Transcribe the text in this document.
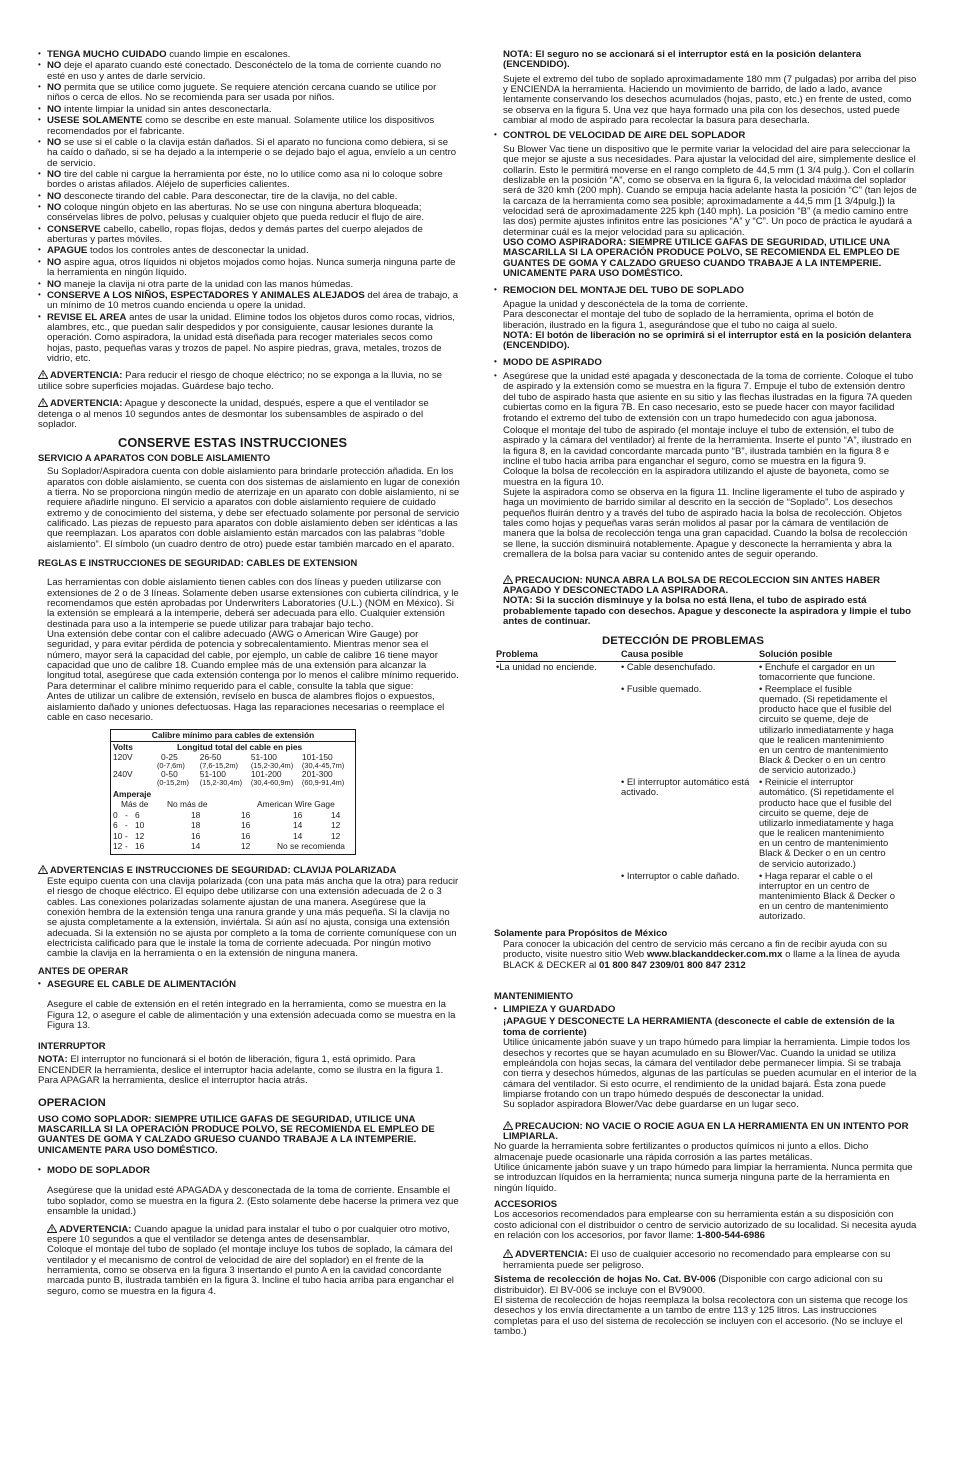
• TENGA MUCHO CUIDADO cuando limpie en escalones.
• NO deje el aparato cuando esté conectado. Desconéctelo de la toma de corriente cuando no esté en uso y antes de darle servicio.
• NO permita que se utilice como juguete. Se requiere atención cercana cuando se utilice por niños o cerca de ellos. No se recomienda para ser usada por niños.
• NO intente limpiar la unidad sin antes desconectarla.
• USESE SOLAMENTE como se describe en este manual. Solamente utilice los dispositivos recomendados por el fabricante.
• NO se use si el cable o la clavija están dañados. Si el aparato no funciona como debiera, si se ha caído o dañado, si se ha dejado a la intemperie o se dejado bajo el agua, envíelo a un centro de servicio.
• NO tire del cable ni cargue la herramienta por éste, no lo utilice como asa ni lo coloque sobre bordes o aristas afilados. Aléjelo de superficies calientes.
• NO desconecte tirando del cable. Para desconectar, tire de la clavija, no del cable.
• NO coloque ningún objeto en las aberturas. No se use con ninguna abertura bloqueada; consérvelas libres de polvo, pelusas y cualquier objeto que pueda reducir el flujo de aire.
• CONSERVE cabello, cabello, ropas flojas, dedos y demás partes del cuerpo alejados de aberturas y partes móviles.
• APAGUE todos los controles antes de desconectar la unidad.
• NO aspire agua, otros líquidos ni objetos mojados como hojas. Nunca sumerja ninguna parte de la herramienta en ningún líquido.
• NO maneje la clavija ni otra parte de la unidad con las manos húmedas.
• CONSERVE A LOS NIÑOS, ESPECTADORES Y ANIMALES ALEJADOS del área de trabajo, a un mínimo de 10 metros cuando encienda u opere la unidad.
• REVISE EL AREA antes de usar la unidad. Elimine todos los objetos duros como rocas, vidrios, alambres, etc., que puedan salir despedidos y por consiguiente, causar lesiones durante la operación. Como aspiradora, la unidad está diseñada para recoger materiales secos como hojas, pasto, pequeñas varas y trozos de papel. No aspire piedras, grava, metales, trozos de vidrio, etc.
ADVERTENCIA: Para reducir el riesgo de choque eléctrico; no se exponga a la lluvia, no se utilice sobre superficies mojadas. Guárdese bajo techo.
ADVERTENCIA: Apague y desconecte la unidad, después, espere a que el ventilador se detenga o al menos 10 segundos antes de desmontar los subensambles de aspirado o del soplador.
CONSERVE ESTAS INSTRUCCIONES
SERVICIO A APARATOS CON DOBLE AISLAMIENTO

Su Soplador/Aspiradora cuenta con doble aislamiento para brindarle protección añadida. En los aparatos con doble aislamiento, se cuenta con dos sistemas de aislamiento en lugar de conexión a tierra. No se proporciona ningún medio de aterrizaje en un aparato con doble aislamiento, ni se requiere añadirle ninguno. El servicio a aparatos con doble aislamiento requiere de cuidado extremo y de conocimiento del sistema, y debe ser efectuado solamente por personal de servicio calificado. Las piezas de repuesto para aparatos con doble aislamiento deben ser idénticas a las que reemplazan. Los aparatos con doble aislamiento están marcados con las palabras “doble aislamiento”. El símbolo (un cuadro dentro de otro) puede estar también marcado en el aparato.

REGLAS E INSTRUCCIONES DE SEGURIDAD: CABLES DE EXTENSION

Las herramientas con doble aislamiento tienen cables con dos líneas y pueden utilizarse con extensiones de 2 o de 3 líneas. Solamente deben usarse extensiones con cubierta cilíndrica, y le recomendamos que estén aprobadas por Underwriters Laboratories (U.L.) (NOM en México). Si la extensión se empleará a la intemperie, deberá ser adecuada para ello. Cualquier extensión destinada para uso a la intemperie se puede utilizar para trabajar bajo techo.

Una extensión debe contar con el calibre adecuado (AWG o American Wire Gauge) por seguridad, y para evitar pérdida de potencia y sobrecalentamiento. Mientras menor sea el número, mayor será la capacidad del cable, por ejemplo, un cable de calibre 16 tiene mayor capacidad que uno de calibre 18. Cuando emplee más de una extensión para alcanzar la longitud total, asegúrese que cada extensión contenga por lo menos el calibre mínimo requerido.

Para determinar el calibre mínimo requerido para el cable, consulte la tabla que sigue:

Antes de utilizar un calibre de extensión, revíselo en busca de alambres flojos o expuestos, aislamiento dañado y uniones defectuosas. Haga las reparaciones necesarias o reemplace el cable en caso necesario.

Calibre mínimo para cables de extensión
Volts	Longitud total del cable en pies			
120V	0-25	26-50	51-100	101-150
	(0-7,6m)	(7,6-15,2m)	(15,2-30,4m)	(30,4-45,7m)
240V	0-50	51-100	101-200	201-300
	(0-15,2m)	(15,2-30,4m)	(30,4-60,9m)	(60,9-91,4m)
Amperaje
Más de No más de	American Wire Gage
0 - 6	18	16	16	14
6 - 10	18	16	14	12
10 - 12	16	16	14	12
12 - 16	14	12	No se recomienda
ADVERTENCIAS E INSTRUCCIONES DE SEGURIDAD: CLAVIJA POLARIZADA

Este equipo cuenta con una clavija polarizada (con una pata más ancha que la otra) para reducir el riesgo de choque eléctrico. El equipo debe utilizarse con una extensión adecuada de 2 o 3 cables. Las conexiones polarizadas solamente ajustan de una manera. Asegúrese que la conexión hembra de la extensión tenga una ranura grande y una más pequeña. Si la clavija no se ajusta completamente a la extensión, inviértala. Si aún así no ajusta, consiga una extensión adecuada. Si la extensión no se ajusta por completo a la toma de corriente comuníquese con un electricista calificado para que le instale la toma de corriente adecuada. Por ningún motivo cambie la clavija en la herramienta o en la extensión de ninguna manera.

ANTES DE OPERAR
• ASEGURE EL CABLE DE ALIMENTACIÓN

Asegure el cable de extensión en el retén integrado en la herramienta, como se muestra en la Figura 12, o asegure el cable de alimentación y una extensión adecuada como se muestra en la Figura 13.

INTERRUPTOR

NOTA: El interruptor no funcionará si el botón de liberación, figura 1, está oprimido. Para ENCENDER la herramienta, deslice el interruptor hacia adelante, como se ilustra en la figura 1. Para APAGAR la herramienta, deslice el interruptor hacia atrás.

OPERACION

USO COMO SOPLADOR: SIEMPRE UTILICE GAFAS DE SEGURIDAD, UTILICE UNA MASCARILLA SI LA OPERACIÓN PRODUCE POLVO, SE RECOMIENDA EL EMPLEO DE GUANTES DE GOMA Y CALZADO GRUESO CUANDO TRABAJE A LA INTEMPERIE. UNICAMENTE PARA USO DOMÉSTICO.

• MODO DE SOPLADOR

Asegúrese que la unidad esté APAGADA y desconectada de la toma de corriente. Ensamble el tubo soplador, como se muestra en la figura 2. (Esto solamente debe hacerse la primera vez que ensamble la unidad.)

ADVERTENCIA: Cuando apague la unidad para instalar el tubo o por cualquier otro motivo, espere 10 segundos a que el ventilador se detenga antes de desensamblar.

Coloque el montaje del tubo de soplado (el montaje incluye los tubos de soplado, la cámara del ventilador y el mecanismo de control de velocidad de aire del soplador) en el frente de la herramienta, como se observa en la figura 3 insertando el punto A en la cavidad concordante marcada punto B, ilustrada también en la figura 3. Incline el tubo hacia arriba para enganchar el seguro, como se muestra en la figura 4.

NOTA: El seguro no se accionará si el interruptor está en la posición delantera (ENCENDIDO).

Sujete el extremo del tubo de soplado aproximadamente 180 mm (7 pulgadas) por arriba del piso y ENCIENDA la herramienta. Haciendo un movimiento de barrido, de lado a lado, avance lentamente conservando los desechos acumulados (hojas, pasto, etc.) en frente de usted, como se observa en la figura 5. Una vez que haya formado una pila con los desechos, usted puede cambiar al modo de aspirado para recolectar la basura para desecharla.

• CONTROL DE VELOCIDAD DE AIRE DEL SOPLADOR

Su Blower Vac tiene un dispositivo que le permite variar la velocidad del aire para seleccionar la que mejor se ajuste a sus necesidades. Para ajustar la velocidad del aire, simplemente deslice el collarín. Esto le permitirá moverse en el rango completo de 44,5 mm (1 3/4 pulg.). Con el collarín deslizable en la posición “A”, como se observa en la figura 6, la velocidad máxima del soplador será de 320 kmh (200 mph). Cuando se empuja hacia adelante hasta la posición “C” (tan lejos de la carcaza de la herramienta como sea posible; aproximadamente a 44,5 mm [1 3/4pulg.]) la velocidad será de aproximadamente 225 kph (140 mph). La posición “B” (a medio camino entre las dos) permite ajustes infinitos entre las posiciones “A” y “C”. Un poco de práctica le ayudará a determinar cuál es la mejor velocidad para su aplicación.

USO COMO ASPIRADORA: SIEMPRE UTILICE GAFAS DE SEGURIDAD, UTILICE UNA MASCARILLA SI LA OPERACIÓN PRODUCE POLVO, SE RECOMIENDA EL EMPLEO DE GUANTES DE GOMA Y CALZADO GRUESO CUANDO TRABAJE A LA INTEMPERIE. UNICAMENTE PARA USO DOMÉSTICO.

• REMOCION DEL MONTAJE DEL TUBO DE SOPLADO

Apague la unidad y desconéctela de la toma de corriente.

Para desconectar el montaje del tubo de soplado de la herramienta, oprima el botón de liberación, ilustrado en la figura 1, asegurándose que el tubo no caiga al suelo.

NOTA: El botón de liberación no se oprimirá si el interruptor está en la posición delantera (ENCENDIDO).

• MODO DE ASPIRADO
• Asegúrese que la unidad esté apagada y desconectada de la toma de corriente. Coloque el tubo de aspirado y la extensión como se muestra en la figura 7. Empuje el tubo de extensión dentro del tubo de aspirado hasta que asiente en su sitio y las flechas ilustradas en la figura 7A queden cubiertas como en la figura 7B. En caso necesario, esto se puede hacer con mayor facilidad frotando el extremo del tubo de extensión con un trapo humedecido con agua jabonosa.

Coloque el montaje del tubo de aspirado (el montaje incluye el tubo de extensión, el tubo de aspirado y la cámara del ventilador) al frente de la herramienta. Inserte el punto “A”, ilustrado en la figura 8, en la cavidad concordante marcada punto “B”, ilustrada también en la figura 8 e incline el tubo hacia arriba para enganchar el seguro, como se muestra en la figura 9.

Coloque la bolsa de recolección en la aspiradora utilizando el ajuste de bayoneta, como se muestra en la figura 10.

Sujete la aspiradora como se observa en la figura 11. Incline ligeramente el tubo de aspirado y haga un movimiento de barrido similar al descrito en la sección de “Soplado”. Los desechos pequeños fluirán dentro y a través del tubo de aspirado hacia la bolsa de recolección. Objetos tales como hojas y pequeñas varas serán molidos al pasar por la cámara de ventilación de manera que la bolsa de recolección tenga una gran capacidad. Cuando la bolsa de recolección se llene, la succión disminuirá notablemente. Apague y desconecte la herramienta y abra la cremallera de la bolsa para vaciar su contenido antes de seguir operando.

PRECAUCION: NUNCA ABRA LA BOLSA DE RECOLECCION SIN ANTES HABER APAGADO Y DESCONECTADO LA ASPIRADORA.

NOTA: Si la succión disminuye y la bolsa no está llena, el tubo de aspirado está probablemente tapado con desechos. Apague y desconecte la aspiradora y limpie el tubo antes de continuar.

DETECCIÓN DE PROBLEMAS
Problema	Causa posible	Solución posible
•La unidad no enciende.	• Cable desenchufado.	• Enchufe el cargador en un tomacorriente que funcione.
	• Fusible quemado.	• Reemplace el fusible quemado. (Si repetidamente el producto hace que el fusible del circuito se queme, deje de utilizarlo inmediatamente y haga que le realicen mantenimiento en un centro de mantenimiento Black & Decker o en un centro de servicio autorizado.)
	• El interruptor automático está activado.	• Reinicie el interruptor automático. (Si repetidamente el producto hace que el fusible del circuito se queme, deje de utilizarlo inmediatamente y haga que le realicen mantenimiento en un centro de mantenimiento Black & Decker o en un centro de servicio autorizado.)
	• Interruptor o cable dañado.	• Haga reparar el cable o el interruptor en un centro de mantenimiento Black & Decker o en un centro de mantenimiento autorizado.

Solamente para Propósitos de México

Para conocer la ubicación del centro de servicio más cercano a fin de recibir ayuda con su producto, visite nuestro sitio Web www.blackanddecker.com.mx o llame a la línea de ayuda BLACK & DECKER al 01 800 847 2309/01 800 847 2312

MANTENIMIENTO
• LIMPIEZA Y GUARDADO

¡APAGUE Y DESCONECTE LA HERRAMIENTA (desconecte el cable de extensión de la toma de corriente)

Utilice únicamente jabón suave y un trapo húmedo para limpiar la herramienta. Limpie todos los desechos y recortes que se hayan acumulado en su Blower/Vac. Cuando la unidad se utiliza empleándola con hojas secas, la cámara del ventilador debe permanecer limpia. Si se trabaja con tierra y desechos húmedos, algunas de las partículas se pueden acumular en el interior de la cámara del ventilador. Si esto ocurre, el rendimiento de la unidad bajará. Ésta zona puede limpiarse frotando con un trapo húmedo después de desconectar la unidad.

Su soplador aspiradora Blower/Vac debe guardarse en un lugar seco.

PRECAUCION: NO VACIE O ROCIE AGUA EN LA HERRAMIENTA EN UN INTENTO POR LIMPIARLA.

No guarde la herramienta sobre fertilizantes o productos químicos ni junto a ellos. Dicho almacenaje puede ocasionarle una rápida corrosión a las partes metálicas.

Utilice únicamente jabón suave y un trapo húmedo para limpiar la herramienta. Nunca permita que se introduzcan líquidos en la herramienta; nunca sumerja ninguna parte de la herramienta en ningún líquido.

ACCESORIOS

Los accesorios recomendados para emplearse con su herramienta están a su disposición con costo adicional con el distribuidor o centro de servicio autorizado de su localidad. Si necesita ayuda en relación con los accesorios, por favor llame: 1-800-544-6986

ADVERTENCIA: El uso de cualquier accesorio no recomendado para emplearse con su herramienta puede ser peligroso.

Sistema de recolección de hojas No. Cat. BV-006 (Disponible con cargo adicional con su distribuidor). El BV-006 se incluye con el BV9000.

El sistema de recolección de hojas reemplaza la bolsa recolectora con un sistema que recoge los desechos y los envía directamente a un tambo de entre 113 y 125 litros. Las instrucciones completas para el uso del sistema de recolección se incluyen con el accesorio. (No se incluye el tambo.)
